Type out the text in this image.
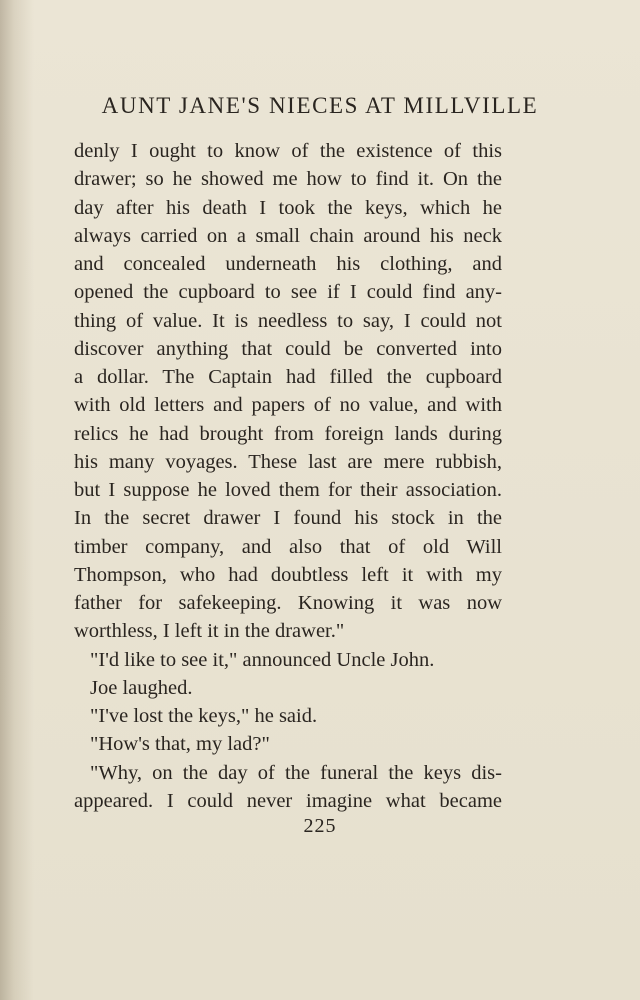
AUNT JANE'S NIECES AT MILLVILLE
denly I ought to know of the existence of this
drawer; so he showed me how to find it. On the
day after his death I took the keys, which he
always carried on a small chain around his neck
and concealed underneath his clothing, and
opened the cupboard to see if I could find any-
thing of value. It is needless to say, I could not
discover anything that could be converted into
a dollar. The Captain had filled the cupboard
with old letters and papers of no value, and with
relics he had brought from foreign lands during
his many voyages. These last are mere rubbish,
but I suppose he loved them for their association.
In the secret drawer I found his stock in the
timber company, and also that of old Will
Thompson, who had doubtless left it with my
father for safekeeping. Knowing it was now
worthless, I left it in the drawer."
"I'd like to see it," announced Uncle John.
Joe laughed.
"I've lost the keys," he said.
"How's that, my lad?"
"Why, on the day of the funeral the keys dis-
appeared. I could never imagine what became
225
